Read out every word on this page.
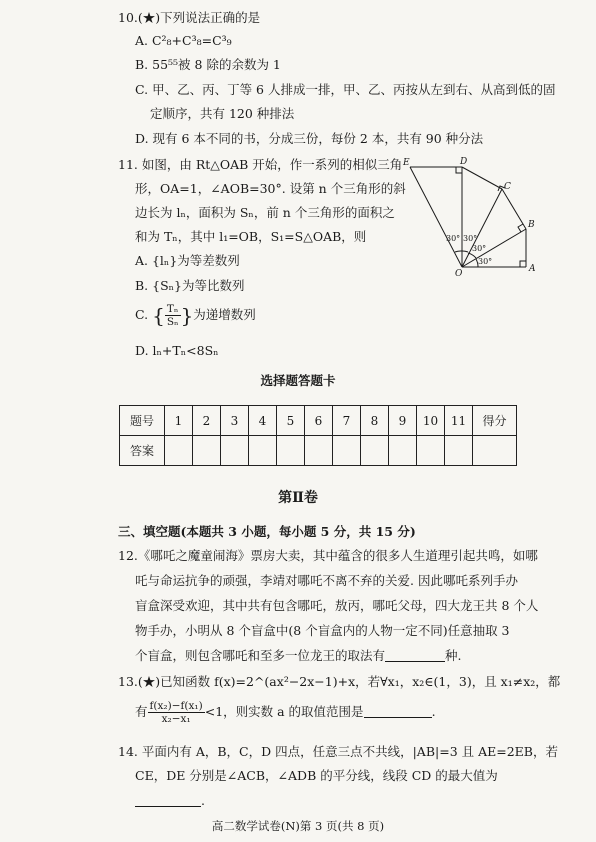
10.(★)下列说法正确的是
A. C²₈+C³₈=C³₉
B. 55⁵⁵被 8 除的余数为 1
C. 甲、乙、丙、丁等 6 人排成一排，甲、乙、丙按从左到右、从高到低的固
定顺序，共有 120 种排法
D. 现有 6 本不同的书，分成三份，每份 2 本，共有 90 种分法
11. 如图，由 Rt△OAB 开始，作一系列的相似三角
形，OA=1，∠AOB=30°. 设第 n 个三角形的斜
边长为 lₙ，面积为 Sₙ，前 n 个三角形的面积之
和为 Tₙ，其中 l₁=OB，S₁=S△OAB，则
A. {lₙ}为等差数列
B. {Sₙ}为等比数列
C. { $\frac{\text{Tₙ}}{\text{Sₙ}}$ }为递增数列
D. lₙ+Tₙ<8Sₙ
E	D
C
B
A
O
30°
30°
30°
30°
选择题答题卡
题号	1	2	3	4	5	6	7	8	9	10	11	得分
答案												
第Ⅱ卷
三、填空题(本题共 3 小题，每小题 5 分，共 15 分)
12.《哪吒之魔童闹海》票房大卖，其中蕴含的很多人生道理引起共鸣，如哪
吒与命运抗争的顽强，李靖对哪吒不离不弃的关爱. 因此哪吒系列手办
盲盒深受欢迎，其中共有包含哪吒，敖丙，哪吒父母，四大龙王共 8 个人
物手办，小明从 8 个盲盒中(8 个盲盒内的人物一定不同)任意抽取 3
个盲盒，则包含哪吒和至多一位龙王的取法有	种.
13.(★)已知函数 f(x)=2^(ax²−2x−1)+x，若∀x₁，x₂∈(1，3)，且 x₁≠x₂，都
有 $\frac{\text{f(x₂)−f(x₁)}}{\text{x₂−x₁}} <1$，则实数 a 的取值范围是	.
14. 平面内有 A，B，C，D 四点，任意三点不共线，|AB|=3 且 AE=2EB，若
CE，DE 分别是∠ACB，∠ADB 的平分线，线段 CD 的最大值为
.
高二数学试卷(N)第 3 页(共 8 页)
